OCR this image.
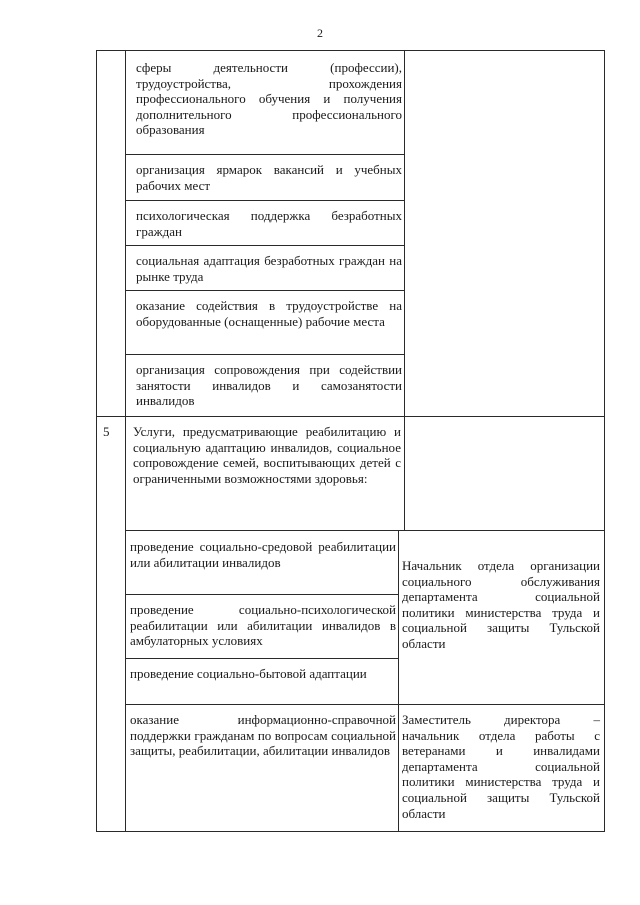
2
сферы деятельности (профессии), трудоустройства, прохождения профессионального обучения и получения дополнительного профессионального образования
организация ярмарок вакансий и учебных рабочих мест
психологическая поддержка безработных граждан
социальная адаптация безработных граждан на рынке труда
оказание содействия в трудоустройстве на оборудованные (оснащенные) рабочие места
организация сопровождения при содействии занятости инвалидов и самозанятости инвалидов
5 Услуги, предусматривающие реабилитацию и социальную адаптацию инвалидов, социальное сопровождение семей, воспитывающих детей с ограниченными возможностями здоровья:
проведение социально-средовой реабилитации или абилитации инвалидов
проведение социально-психологической реабилитации или абилитации инвалидов в амбулаторных условиях
проведение социально-бытовой адаптации
оказание информационно-справочной поддержки гражданам по вопросам социальной защиты, реабилитации, абилитации инвалидов
Начальник отдела организации социального обслуживания департамента социальной политики министерства труда и социальной защиты Тульской области
Заместитель директора – начальник отдела работы с ветеранами и инвалидами департамента социальной политики министерства труда и социальной защиты Тульской области
